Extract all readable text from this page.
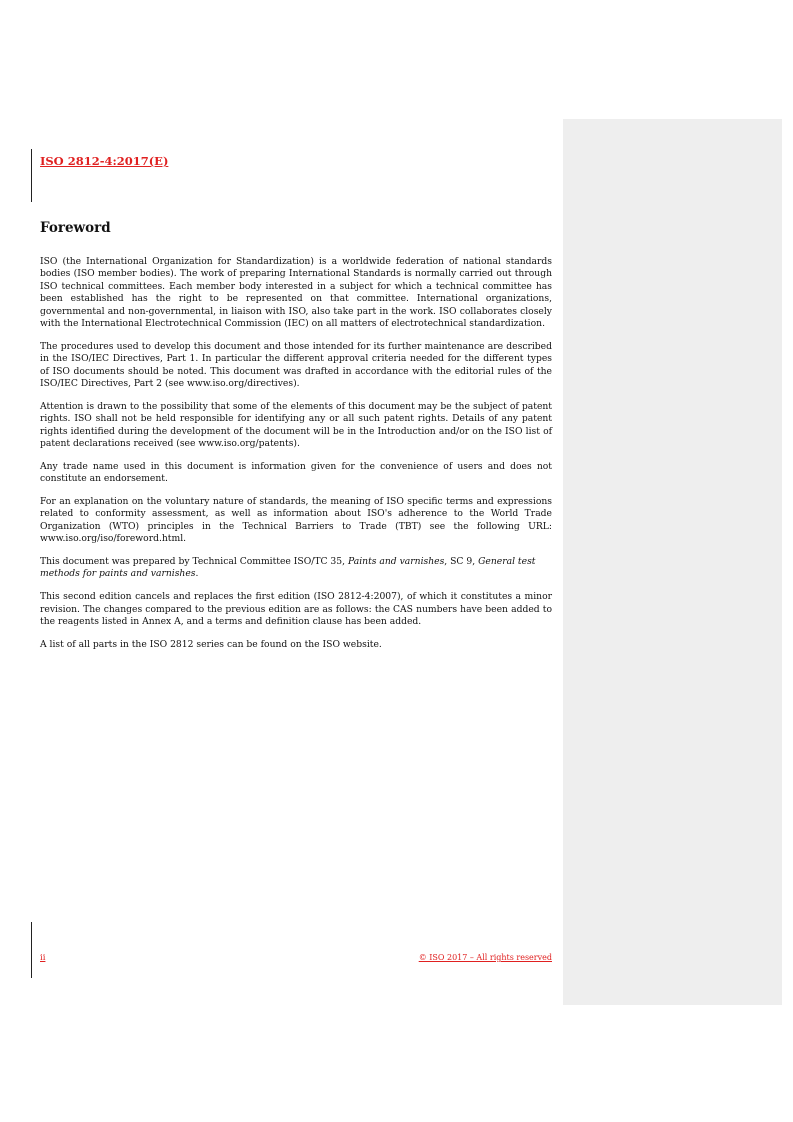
ISO 2812-4:2017(E)
Foreword

ISO (the International Organization for Standardization) is a worldwide federation of national standards bodies (ISO member bodies). The work of preparing International Standards is normally carried out through ISO technical committees. Each member body interested in a subject for which a technical committee has been established has the right to be represented on that committee. International organizations, governmental and non-governmental, in liaison with ISO, also take part in the work. ISO collaborates closely with the International Electrotechnical Commission (IEC) on all matters of electrotechnical standardization.

The procedures used to develop this document and those intended for its further maintenance are described in the ISO/IEC Directives, Part 1. In particular the different approval criteria needed for the different types of ISO documents should be noted. This document was drafted in accordance with the editorial rules of the ISO/IEC Directives, Part 2 (see www.iso.org/directives).

Attention is drawn to the possibility that some of the elements of this document may be the subject of patent rights. ISO shall not be held responsible for identifying any or all such patent rights. Details of any patent rights identified during the development of the document will be in the Introduction and/or on the ISO list of patent declarations received (see www.iso.org/patents).

Any trade name used in this document is information given for the convenience of users and does not constitute an endorsement.

For an explanation on the voluntary nature of standards, the meaning of ISO specific terms and expressions related to conformity assessment, as well as information about ISO's adherence to the World Trade Organization (WTO) principles in the Technical Barriers to Trade (TBT) see the following URL: www.iso.org/iso/foreword.html.

This document was prepared by Technical Committee ISO/TC 35, Paints and varnishes, SC 9, General test methods for paints and varnishes.

This second edition cancels and replaces the first edition (ISO 2812-4:2007), of which it constitutes a minor revision. The changes compared to the previous edition are as follows: the CAS numbers have been added to the reagents listed in Annex A, and a terms and definition clause has been added.

A list of all parts in the ISO 2812 series can be found on the ISO website.

ii	© ISO 2017 – All rights reserved
